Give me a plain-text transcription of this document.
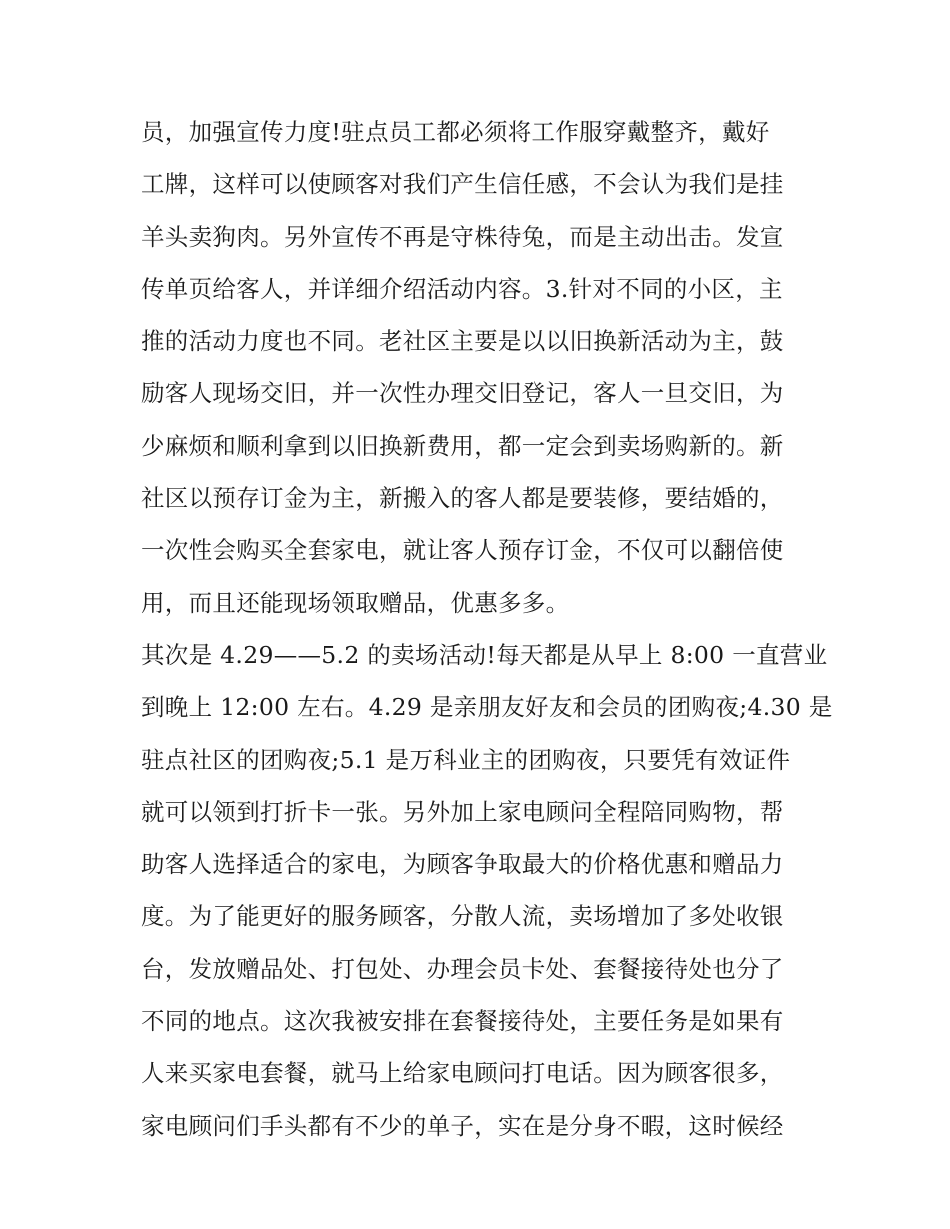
员，加强宣传力度!驻点员工都必须将工作服穿戴整齐，戴好
工牌，这样可以使顾客对我们产生信任感，不会认为我们是挂
羊头卖狗肉。另外宣传不再是守株待兔，而是主动出击。发宣
传单页给客人，并详细介绍活动内容。3.针对不同的小区，主
推的活动力度也不同。老社区主要是以以旧换新活动为主，鼓
励客人现场交旧，并一次性办理交旧登记，客人一旦交旧，为
少麻烦和顺利拿到以旧换新费用，都一定会到卖场购新的。新
社区以预存订金为主，新搬入的客人都是要装修，要结婚的，
一次性会购买全套家电，就让客人预存订金，不仅可以翻倍使
用，而且还能现场领取赠品，优惠多多。
其次是 4.29——5.2 的卖场活动!每天都是从早上 8:00 一直营业
到晚上 12:00 左右。4.29 是亲朋友好友和会员的团购夜;4.30 是
驻点社区的团购夜;5.1 是万科业主的团购夜，只要凭有效证件
就可以领到打折卡一张。另外加上家电顾问全程陪同购物，帮
助客人选择适合的家电，为顾客争取最大的价格优惠和赠品力
度。为了能更好的服务顾客，分散人流，卖场增加了多处收银
台，发放赠品处、打包处、办理会员卡处、套餐接待处也分了
不同的地点。这次我被安排在套餐接待处，主要任务是如果有
人来买家电套餐，就马上给家电顾问打电话。因为顾客很多，
家电顾问们手头都有不少的单子，实在是分身不暇，这时候经
